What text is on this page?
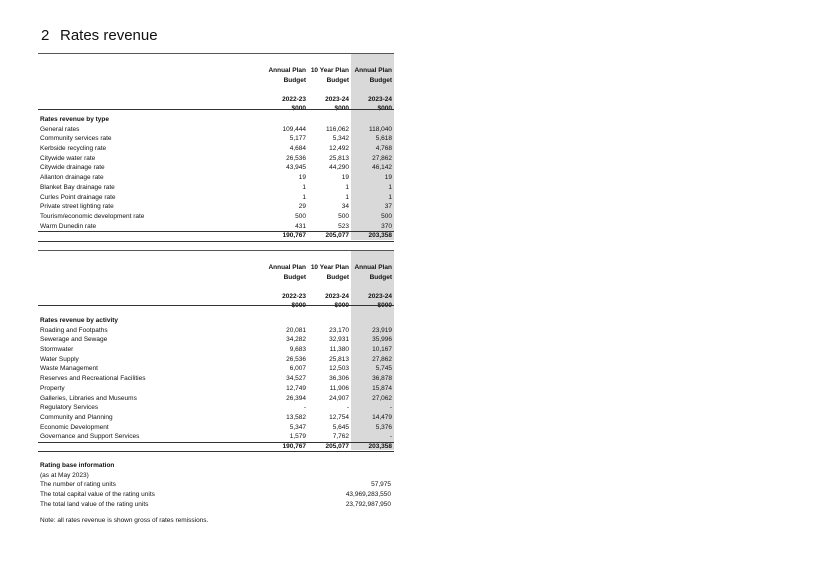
2 Rates revenue
Annual Plan 10 Year Plan Annual Plan
Budget	Budget	Budget
2022-23	2023-24	2023-24
$000	$000	$000
Rates revenue by type
General rates	109,444	116,062	118,040
Community services rate	5,177	5,342	5,618
Kerbside recycling rate	4,684	12,492	4,768
Citywide water rate	26,536	25,813	27,862
Citywide drainage rate	43,945	44,290	46,142
Allanton drainage rate	19	19	19
Blanket Bay drainage rate	1	1	1
Curles Point drainage rate	1	1	1
Private street lighting rate	29	34	37
Tourism/economic development rate	500	500	500
Warm Dunedin rate	431	523	370
190,767	205,077	203,358
Annual Plan 10 Year Plan Annual Plan
Budget	Budget	Budget
2022-23	2023-24	2023-24
$000	$000	$000
Rates revenue by activity
Roading and Footpaths	20,081	23,170	23,919
Sewerage and Sewage	34,282	32,931	35,996
Stormwater	9,683	11,380	10,167
Water Supply	26,536	25,813	27,862
Waste Management	6,007	12,503	5,745
Reserves and Recreational Facilities	34,527	36,306	36,878
Property	12,749	11,906	15,874
Galleries, Libraries and Museums	26,394	24,907	27,062
Regulatory Services	-	-	-
Community and Planning	13,582	12,754	14,479
Economic Development	5,347	5,645	5,376
Governance and Support Services	1,579	7,762	-
190,767	205,077	203,358
Rating base information
(as at May 2023)
The number of rating units	57,975
The total capital value of the rating units	43,969,283,550
The total land value of the rating units	23,792,987,950
Note: all rates revenue is shown gross of rates remissions.
